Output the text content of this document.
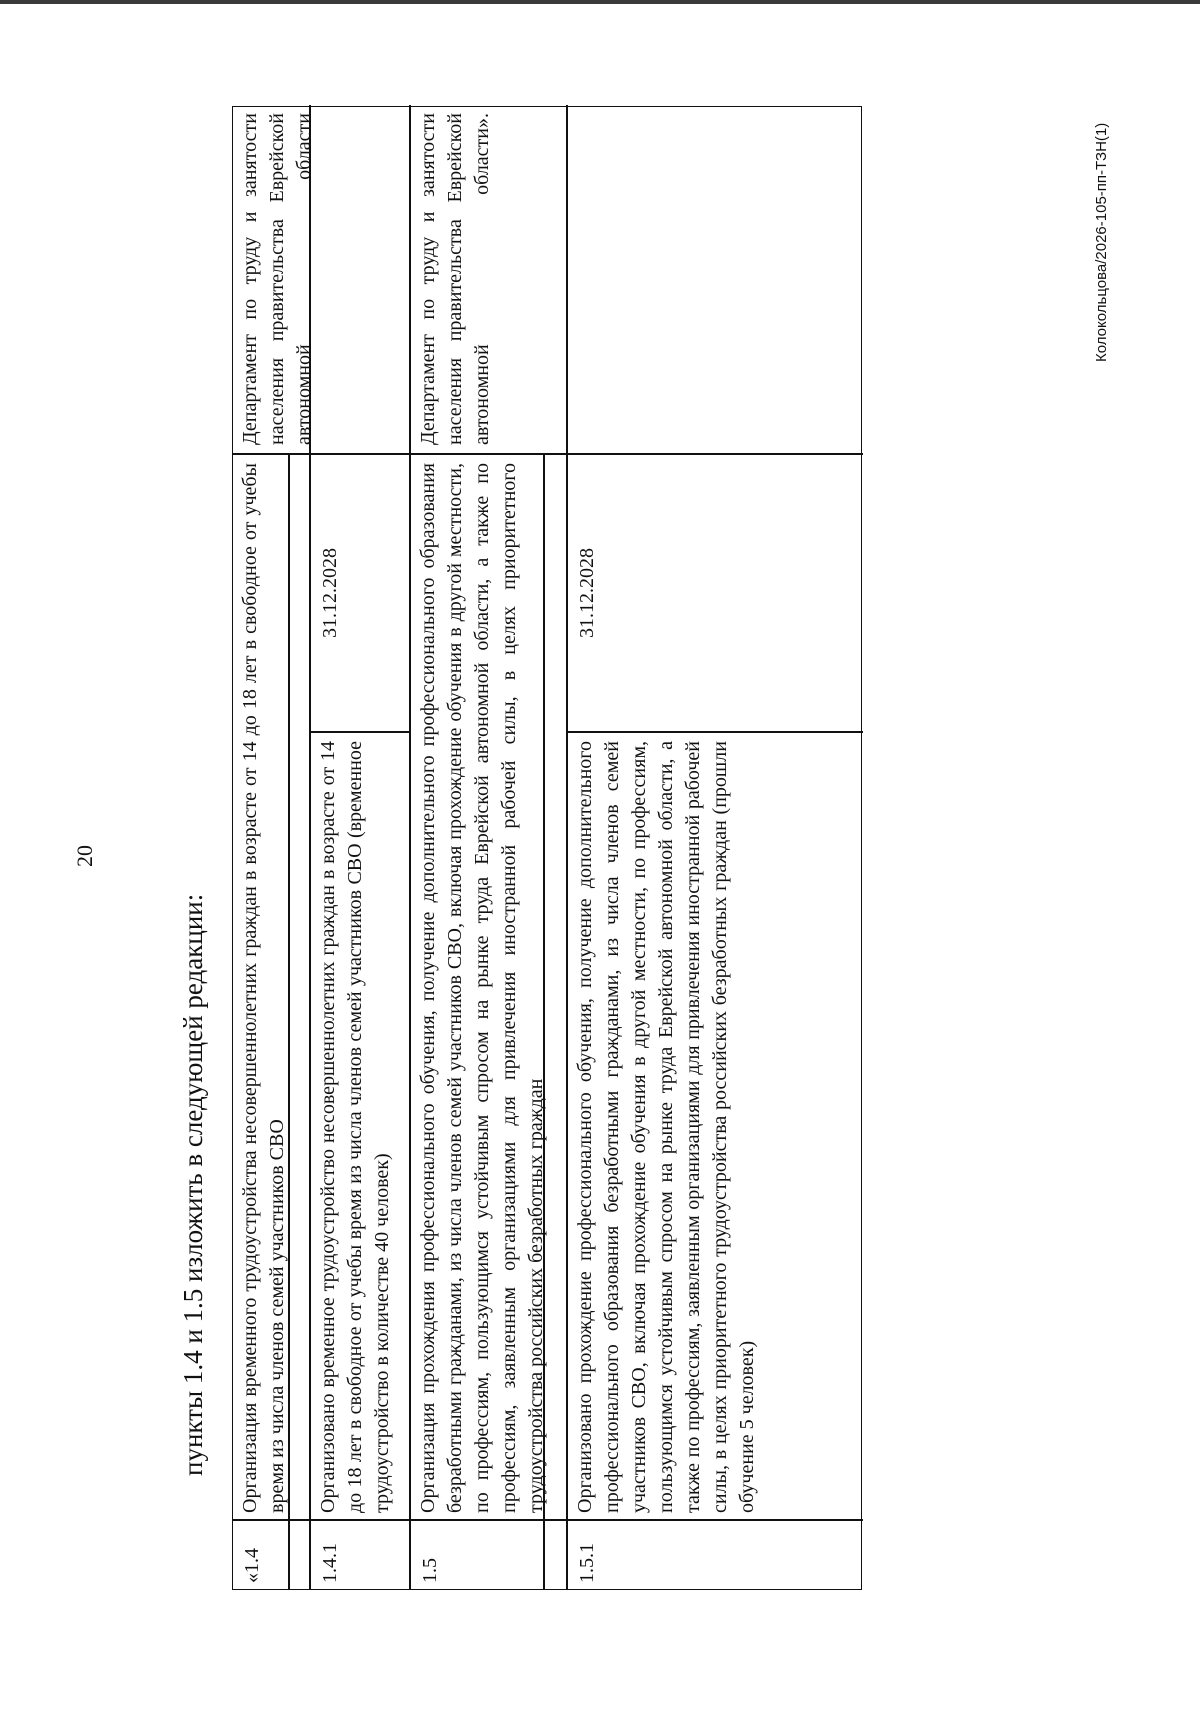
20
пункты 1.4 и 1.5 изложить в следующей редакции:
«1.4
Организация временного трудоустройства несовершеннолетних граждан в возрасте от 14 до 18 лет в свободное от учебы время из числа членов семей участников СВО
Департамент по труду и занятости населения правительства Еврейской автономной области
1.4.1
Организовано временное трудоустройство несовершеннолетних граждан в возрасте от 14 до 18 лет в свободное от учебы время из числа членов семей участников СВО (временное трудоустройство в количестве 40 человек)
31.12.2028
1.5
Организация прохождения профессионального обучения, получение дополнительного профессионального образования безработными гражданами, из числа членов семей участников СВО, включая прохождение обучения в другой местности, по профессиям, пользующимся устойчивым спросом на рынке труда Еврейской автономной области, а также по профессиям, заявленным организациями для привлечения иностранной рабочей силы, в целях приоритетного трудоустройства российских безработных граждан
Департамент по труду и занятости населения правительства Еврейской автономной области».
1.5.1
Организовано прохождение профессионального обучения, получение дополнительного профессионального образования безработными гражданами, из числа членов семей участников СВО, включая прохождение обучения в другой местности, по профессиям, пользующимся устойчивым спросом на рынке труда Еврейской автономной области, а также по профессиям, заявленным организациями для привлечения иностранной рабочей силы, в целях приоритетного трудоустройства российских безработных граждан (прошли обучение 5 человек)
31.12.2028
Колокольцова/2026-105-пп-ТЗН(1)
